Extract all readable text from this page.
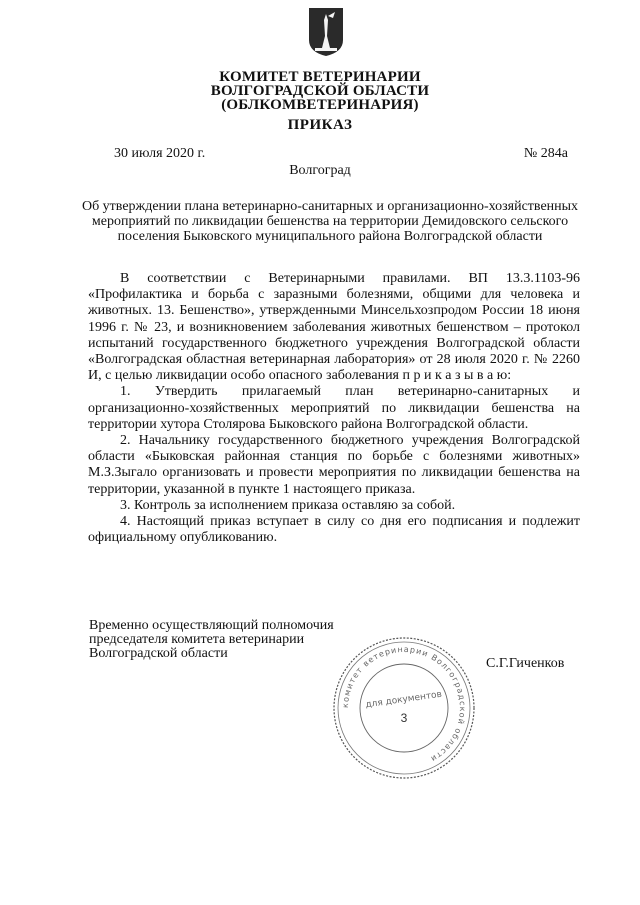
КОМИТЕТ ВЕТЕРИНАРИИ
ВОЛГОГРАДСКОЙ ОБЛАСТИ
(ОБЛКОМВЕТЕРИНАРИЯ)
ПРИКАЗ
30 июля 2020 г.	№ 284а
Волгоград
Об утверждении плана ветеринарно-санитарных и организационно-хозяйственных мероприятий по ликвидации бешенства на территории Демидовского сельского поселения Быковского муниципального района Волгоградской области

В соответствии с Ветеринарными правилами. ВП 13.3.1103-96 «Профилактика и борьба с заразными болезнями, общими для человека и животных. 13. Бешенство», утвержденными Минсельхозпродом России 18 июня 1996 г. № 23, и возникновением заболевания животных бешенством – протокол испытаний государственного бюджетного учреждения Волгоградской области «Волгоградская областная ветеринарная лаборатория» от 28 июля 2020 г. № 2260 И, с целью ликвидации особо опасного заболевания п р и к а з ы в а ю:

1. Утвердить прилагаемый план ветеринарно-санитарных и организационно-хозяйственных мероприятий по ликвидации бешенства на территории хутора Столярова Быковского района Волгоградской области.

2. Начальнику государственного бюджетного учреждения Волгоградской области «Быковская районная станция по борьбе с болезнями животных» М.З.Зыгало организовать и провести мероприятия по ликвидации бешенства на территории, указанной в пункте 1 настоящего приказа.

3. Контроль за исполнением приказа оставляю за собой.

4. Настоящий приказ вступает в силу со дня его подписания и подлежит официальному опубликованию.

Временно осуществляющий полномочия
председателя комитета ветеринарии
Волгоградской области
С.Г.Гиченков
комитет ветеринарии Волгоградской области
для документов
3
